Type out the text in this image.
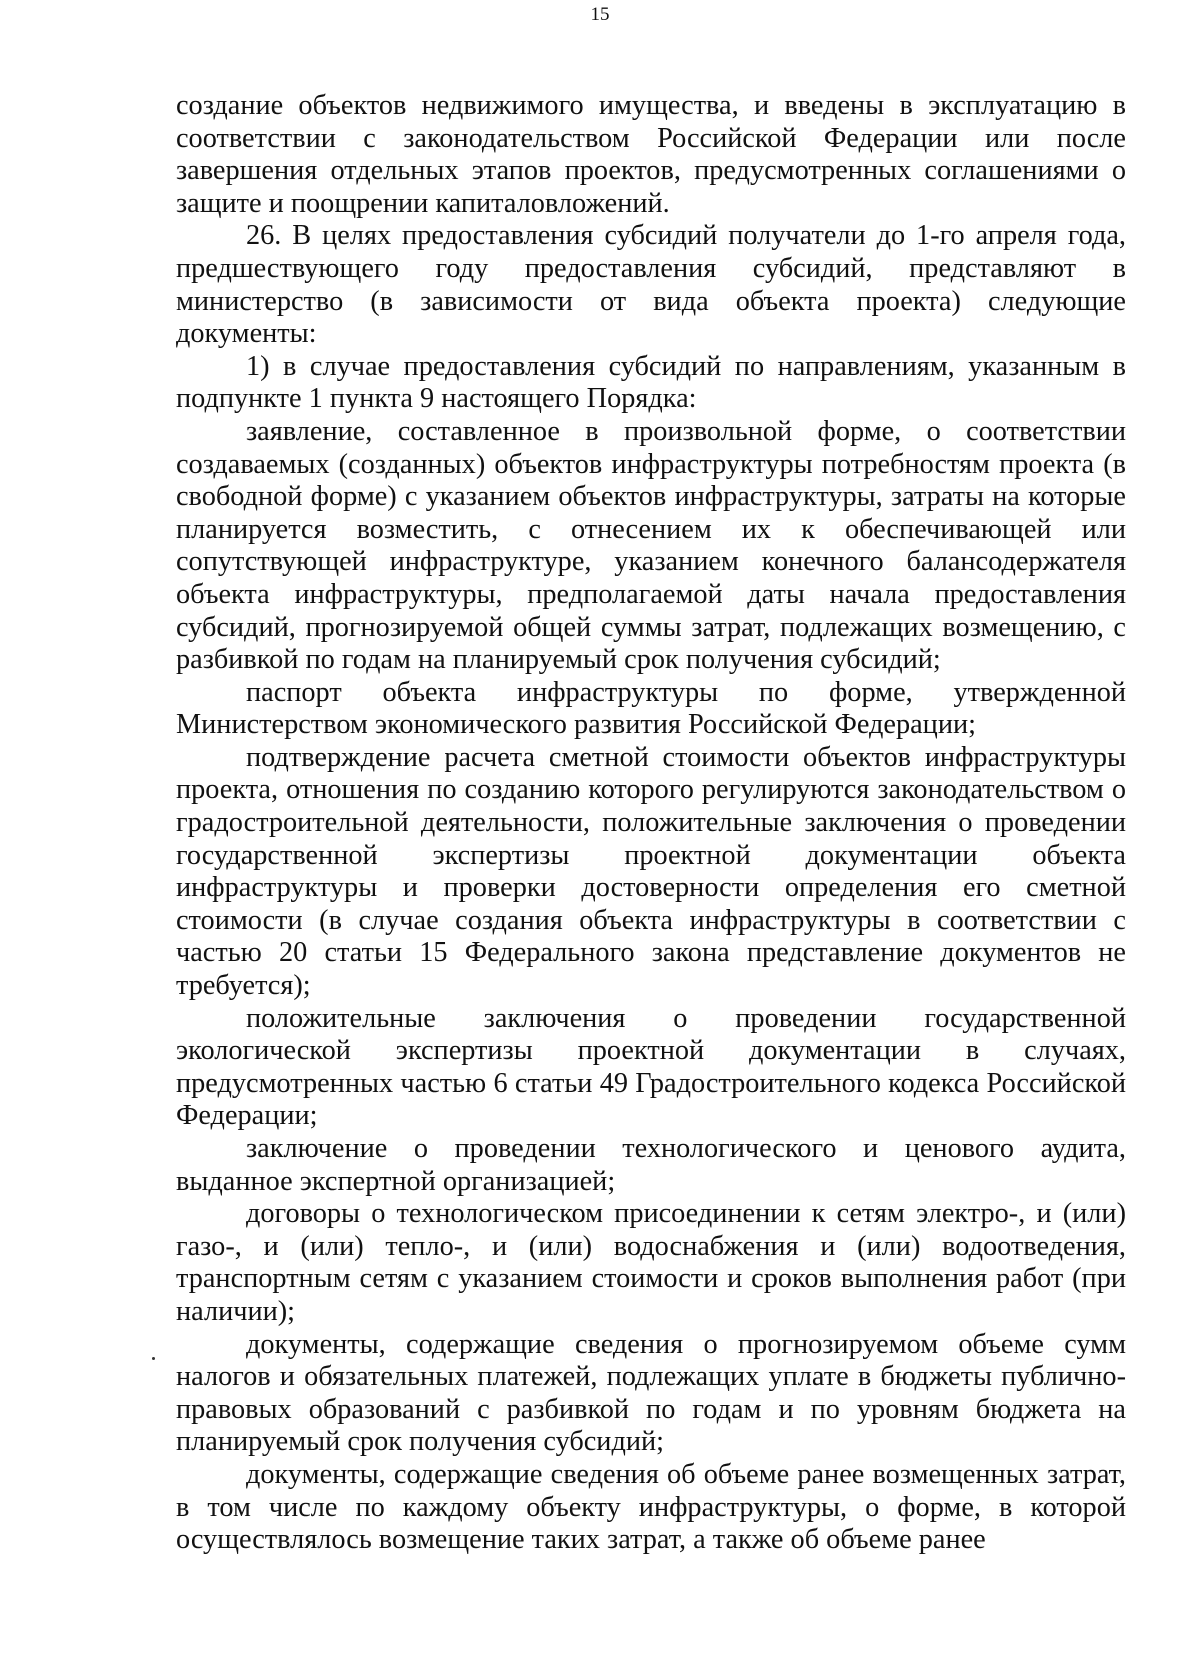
15

создание объектов недвижимого имущества, и введены в эксплуатацию в соответствии с законодательством Российской Федерации или после завершения отдельных этапов проектов, предусмотренных соглашениями о защите и поощрении капиталовложений.

26. В целях предоставления субсидий получатели до 1-го апреля года, предшествующего году предоставления субсидий, представляют в министерство (в зависимости от вида объекта проекта) следующие документы:

1) в случае предоставления субсидий по направлениям, указанным в подпункте 1 пункта 9 настоящего Порядка:

заявление, составленное в произвольной форме, о соответствии создаваемых (созданных) объектов инфраструктуры потребностям проекта (в свободной форме) с указанием объектов инфраструктуры, затраты на которые планируется возместить, с отнесением их к обеспечивающей или сопутствующей инфраструктуре, указанием конечного балансодержателя объекта инфраструктуры, предполагаемой даты начала предоставления субсидий, прогнозируемой общей суммы затрат, подлежащих возмещению, с разбивкой по годам на планируемый срок получения субсидий;

паспорт объекта инфраструктуры по форме, утвержденной Министерством экономического развития Российской Федерации;

подтверждение расчета сметной стоимости объектов инфраструктуры проекта, отношения по созданию которого регулируются законодательством о градостроительной деятельности, положительные заключения о проведении государственной экспертизы проектной документации объекта инфраструктуры и проверки достоверности определения его сметной стоимости (в случае создания объекта инфраструктуры в соответствии с частью 20 статьи 15 Федерального закона представление документов не требуется);

положительные заключения о проведении государственной экологической экспертизы проектной документации в случаях, предусмотренных частью 6 статьи 49 Градостроительного кодекса Российской Федерации;

заключение о проведении технологического и ценового аудита, выданное экспертной организацией;

договоры о технологическом присоединении к сетям электро-, и (или) газо-, и (или) тепло-, и (или) водоснабжения и (или) водоотведения, транспортным сетям с указанием стоимости и сроков выполнения работ (при наличии);

документы, содержащие сведения о прогнозируемом объеме сумм налогов и обязательных платежей, подлежащих уплате в бюджеты публично-правовых образований с разбивкой по годам и по уровням бюджета на планируемый срок получения субсидий;

документы, содержащие сведения об объеме ранее возмещенных затрат, в том числе по каждому объекту инфраструктуры, о форме, в которой осуществлялось возмещение таких затрат, а также об объеме ранее
